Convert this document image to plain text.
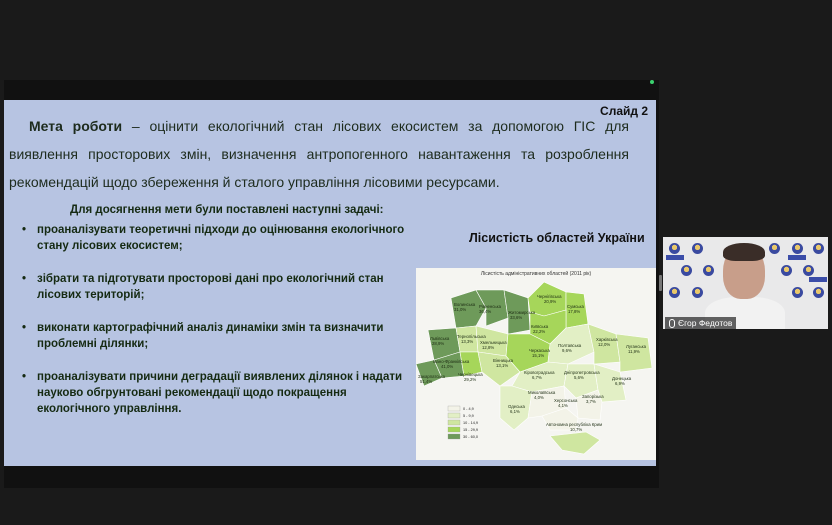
Слайд 2
Мета роботи – оцінити екологічний стан лісових екосистем за допомогою ГІС для виявлення просторових змін, визначення антропогенного навантаження та розроблення рекомендацій щодо збереження й сталого управління лісовими ресурсами.
Для досягнення мети були поставлені наступні задачі:
• проаналізувати теоретичні підходи до оцінювання екологічного стану лісових екосистем;
• зібрати та підготувати просторові дані про екологічний стан лісових територій;
• виконати картографічний аналіз динаміки змін та визначити проблемні ділянки;
• проаналізувати причини деградації виявлених ділянок і надати науково обгрунтовані рекомендації щодо покращення екологічного управління.
Лісистість областей України
Волинська
31,0%
Рівненська
36,4%	Житомирська
33,6%
Чернігівська
20,9%
Сумська
17,8%
Київська
22,2%
Львівська
28,9%
Тернопільська
13,3% Хмельницька
12,8%	Полтавська
9,6%
Харківська
12,0%	Луганська
11,9%
Івано-Франківська
41,0%
Вінницька
13,1%
Черкаська
15,1%
Закарпатська
51,4%
Чернівецька
29,2%
Кіровоградська
6,7%
Дніпропетровська
5,6%	Донецька
6,9%
Миколаївська
4,0%	Запорізька
3,7%
Херсонська
4,1%
Одеська
6,1%
Автономна республіка Крим
10,7%
0 - 4,9
5 - 9,9
10 - 14,9
15 - 29,9
30 - 60,0
Лісистість адміністративних областей (2011 рік)
Єгор Федотов
